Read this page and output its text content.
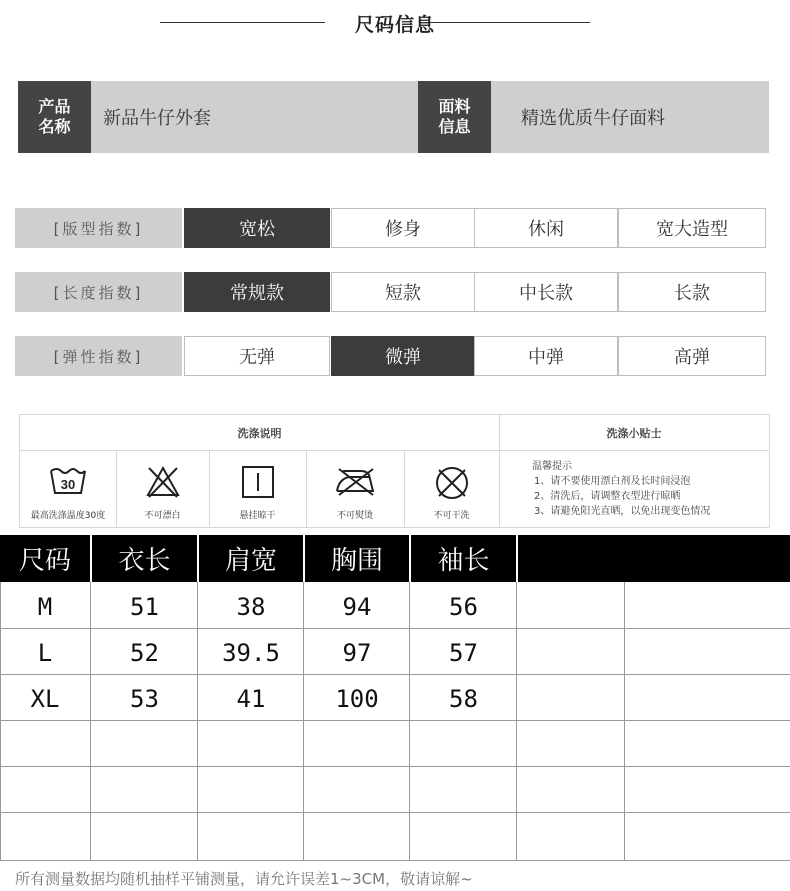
尺码信息
产品
名称	新品牛仔外套
面料
信息	精选优质牛仔面料
[版型指数]	宽松	修身	休闲	宽大造型
[长度指数]	常规款	短款	中长款	长款
[弹性指数]	无弹	微弹	中弹	高弹
洗涤说明	洗涤小贴士
30
最高洗涤温度30度	不可漂白	悬挂晾干	不可熨烫	不可干洗
温馨提示
1、请不要使用漂白剂及长时间浸泡
2、清洗后，请调整衣型进行晾晒
3、请避免阳光直晒，以免出现变色情况
尺码	衣长	肩宽	胸围	袖长
M	51	38	94	56
L	52	39.5	97	57
XL	53	41	100	58
所有测量数据均随机抽样平铺测量，请允许误差1~3CM，敬请谅解~
